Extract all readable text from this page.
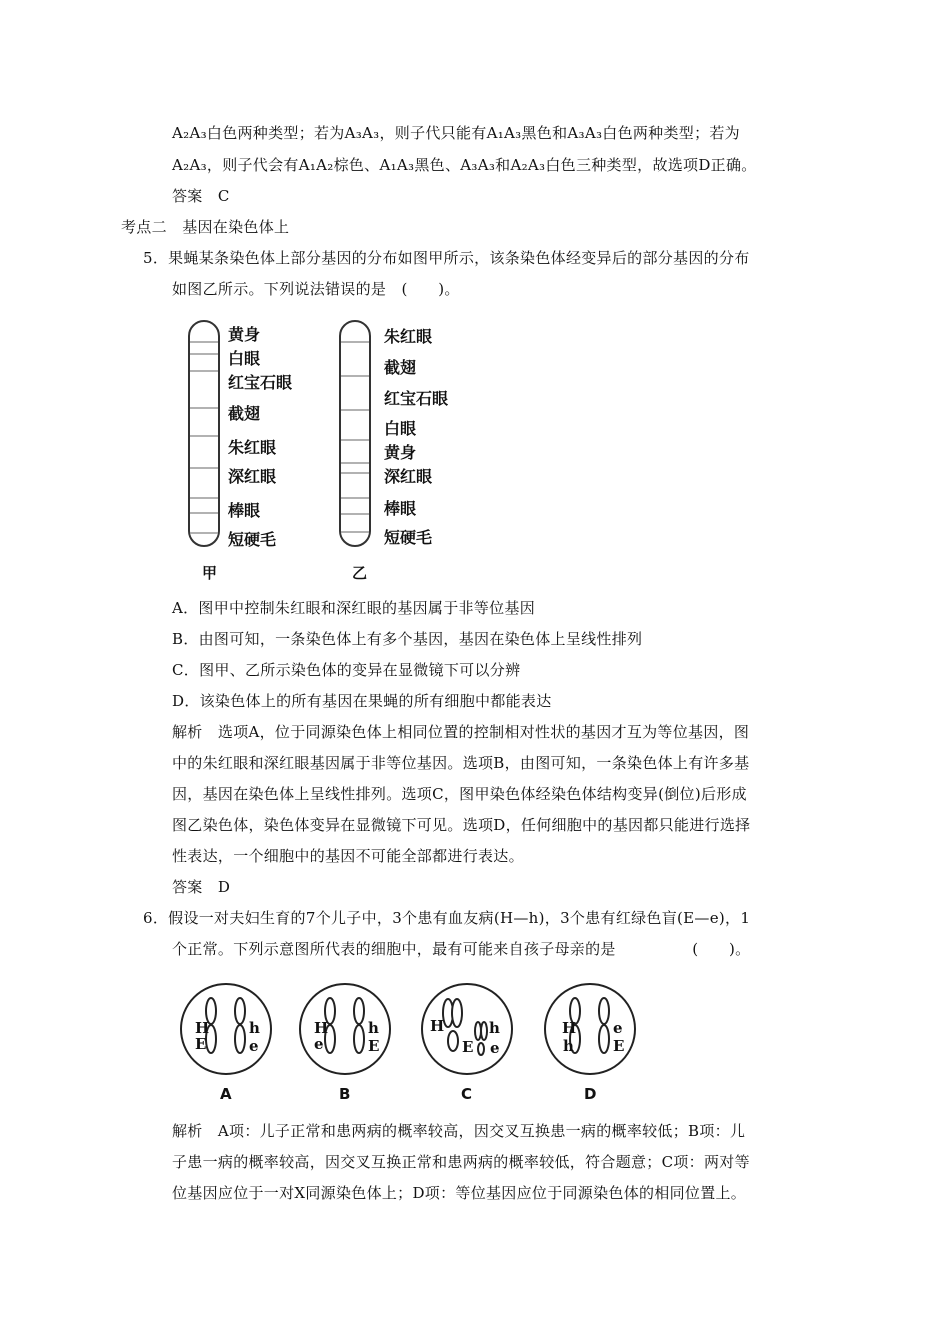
A₂A₃白色两种类型；若为A₃A₃，则子代只能有A₁A₃黑色和A₃A₃白色两种类型；若为
A₂A₃，则子代会有A₁A₂棕色、A₁A₃黑色、A₃A₃和A₂A₃白色三种类型，故选项D正确。
答案　C
考点二　基因在染色体上
5．果蝇某条染色体上部分基因的分布如图甲所示，该条染色体经变异后的部分基因的分布
如图乙所示。下列说法错误的是　(　　)。
黄身
白眼
红宝石眼
截翅
朱红眼
深红眼
棒眼
短硬毛
朱红眼
截翅
红宝石眼
白眼
黄身
深红眼
棒眼
短硬毛
甲	乙
A．图甲中控制朱红眼和深红眼的基因属于非等位基因
B．由图可知，一条染色体上有多个基因，基因在染色体上呈线性排列
C．图甲、乙所示染色体的变异在显微镜下可以分辨
D．该染色体上的所有基因在果蝇的所有细胞中都能表达
解析　选项A，位于同源染色体上相同位置的控制相对性状的基因才互为等位基因，图
中的朱红眼和深红眼基因属于非等位基因。选项B，由图可知，一条染色体上有许多基
因，基因在染色体上呈线性排列。选项C，图甲染色体经染色体结构变异(倒位)后形成
图乙染色体，染色体变异在显微镜下可见。选项D，任何细胞中的基因都只能进行选择
性表达，一个细胞中的基因不可能全部都进行表达。
答案　D
6．假设一对夫妇生育的7个儿子中，3个患有血友病(H—h)，3个患有红绿色盲(E—e)，1
个正常。下列示意图所代表的细胞中，最有可能来自孩子母亲的是　　　　　(　　)。
H
E
h
e
H
e
h
E
H
E
h
e
H
h
e
E
A	B	C	D
解析　A项：儿子正常和患两病的概率较高，因交叉互换患一病的概率较低；B项：儿
子患一病的概率较高，因交叉互换正常和患两病的概率较低，符合题意；C项：两对等
位基因应位于一对X同源染色体上；D项：等位基因应位于同源染色体的相同位置上。
